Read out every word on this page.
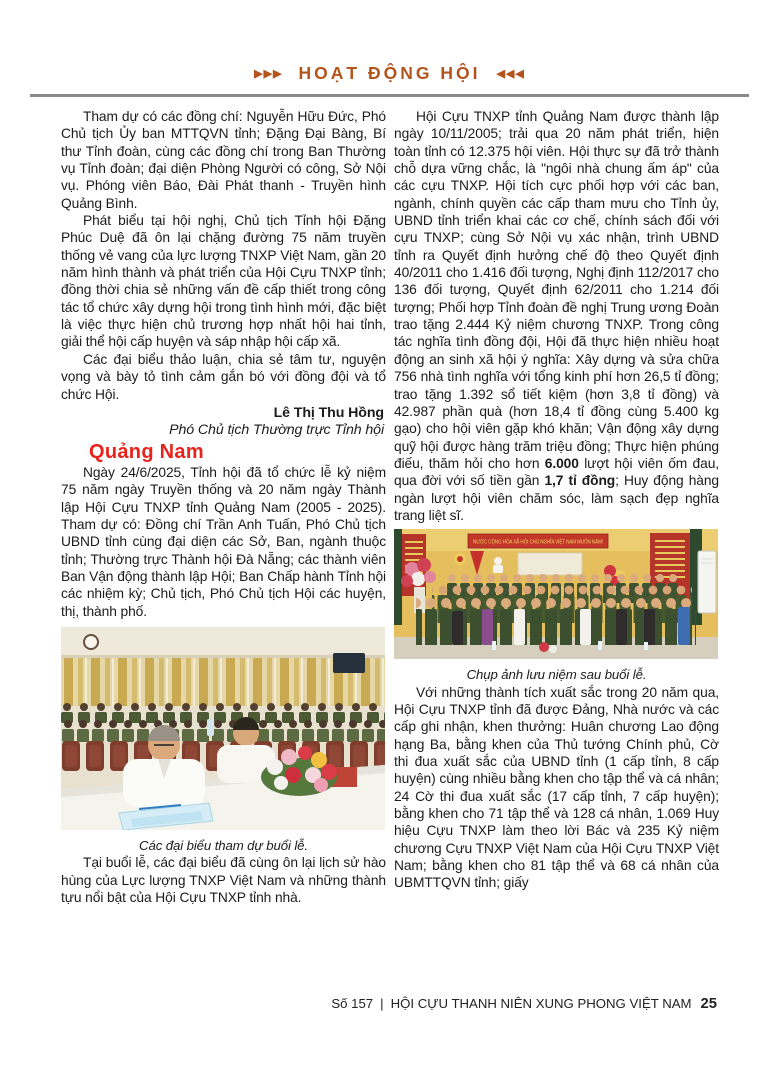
▶▶▶ HOẠT ĐỘNG HỘI ◀◀◀

Tham dự có các đồng chí: Nguyễn Hữu Đức, Phó Chủ tịch Ủy ban MTTQVN tỉnh; Đặng Đại Bàng, Bí thư Tỉnh đoàn, cùng các đồng chí trong Ban Thường vụ Tỉnh đoàn; đại diện Phòng Người có công, Sở Nội vụ. Phóng viên Báo, Đài Phát thanh - Truyền hình Quảng Bình.

Phát biểu tại hội nghị, Chủ tịch Tỉnh hội Đặng Phúc Duệ đã ôn lại chặng đường 75 năm truyền thống vẻ vang của lực lượng TNXP Việt Nam, gần 20 năm hình thành và phát triển của Hội Cựu TNXP tỉnh; đồng thời chia sẻ những vấn đề cấp thiết trong công tác tổ chức xây dựng hội trong tình hình mới, đặc biệt là việc thực hiện chủ trương hợp nhất hội hai tỉnh, giải thể hội cấp huyện và sáp nhập hội cấp xã.

Các đại biểu thảo luận, chia sẻ tâm tư, nguyện vọng và bày tỏ tình cảm gắn bó với đồng đội và tổ chức Hội.

Lê Thị Thu Hồng

Phó Chủ tịch Thường trực Tỉnh hội

Quảng Nam

Ngày 24/6/2025, Tỉnh hội đã tổ chức lễ kỷ niệm 75 năm ngày Truyền thống và 20 năm ngày Thành lập Hội Cựu TNXP tỉnh Quảng Nam (2005 - 2025). Tham dự có: Đồng chí Trần Anh Tuấn, Phó Chủ tịch UBND tỉnh cùng đại diện các Sở, Ban, ngành thuộc tỉnh; Thường trực Thành hội Đà Nẵng; các thành viên Ban Vận động thành lập Hội; Ban Chấp hành Tỉnh hội các nhiệm kỳ; Chủ tịch, Phó Chủ tịch Hội các huyện, thị, thành phố.

Các đại biểu tham dự buổi lễ.

Tại buổi lễ, các đại biểu đã cùng ôn lại lịch sử hào hùng của Lực lượng TNXP Việt Nam và những thành tựu nổi bật của Hội Cựu TNXP tỉnh nhà.

Hội Cựu TNXP tỉnh Quảng Nam được thành lập ngày 10/11/2005; trải qua 20 năm phát triển, hiện toàn tỉnh có 12.375 hội viên. Hội thực sự đã trở thành chỗ dựa vững chắc, là "ngôi nhà chung ấm áp" của các cựu TNXP. Hội tích cực phối hợp với các ban, ngành, chính quyền các cấp tham mưu cho Tỉnh ủy, UBND tỉnh triển khai các cơ chế, chính sách đối với cựu TNXP; cùng Sở Nội vụ xác nhận, trình UBND tỉnh ra Quyết định hưởng chế độ theo Quyết định 40/2011 cho 1.416 đối tượng, Nghị định 112/2017 cho 136 đối tượng, Quyết định 62/2011 cho 1.214 đối tượng; Phối hợp Tỉnh đoàn đề nghị Trung ương Đoàn trao tặng 2.444 Kỷ niệm chương TNXP. Trong công tác nghĩa tình đồng đội, Hội đã thực hiện nhiều hoạt động an sinh xã hội ý nghĩa: Xây dựng và sửa chữa 756 nhà tình nghĩa với tổng kinh phí hơn 26,5 tỉ đồng; trao tặng 1.392 sổ tiết kiệm (hơn 3,8 tỉ đồng) và 42.987 phần quà (hơn 18,4 tỉ đồng cùng 5.400 kg gạo) cho hội viên gặp khó khăn; Vận động xây dựng quỹ hội được hàng trăm triệu đồng; Thực hiện phúng điếu, thăm hỏi cho hơn 6.000 lượt hội viên ốm đau, qua đời với số tiền gần 1,7 tỉ đồng; Huy động hàng ngàn lượt hội viên chăm sóc, làm sạch đẹp nghĩa trang liệt sĩ.

NƯỚC CỘNG HÒA XÃ HỘI CHỦ NGHĨA VIỆT NAM MUÔN NĂM!
Chụp ảnh lưu niệm sau buổi lễ.

Với những thành tích xuất sắc trong 20 năm qua, Hội Cựu TNXP tỉnh đã được Đảng, Nhà nước và các cấp ghi nhận, khen thưởng: Huân chương Lao động hạng Ba, bằng khen của Thủ tướng Chính phủ, Cờ thi đua xuất sắc của UBND tỉnh (1 cấp tỉnh, 8 cấp huyện) cùng nhiều bằng khen cho tập thể và cá nhân; 24 Cờ thi đua xuất sắc (17 cấp tỉnh, 7 cấp huyện); bằng khen cho 71 tập thể và 128 cá nhân, 1.069 Huy hiệu Cựu TNXP làm theo lời Bác và 235 Kỷ niệm chương Cựu TNXP Việt Nam của Hội Cựu TNXP Việt Nam; bằng khen cho 81 tập thể và 68 cá nhân của UBMTTQVN tỉnh; giấy

Số 157 | HỘI CỰU THANH NIÊN XUNG PHONG VIỆT NAM 25
